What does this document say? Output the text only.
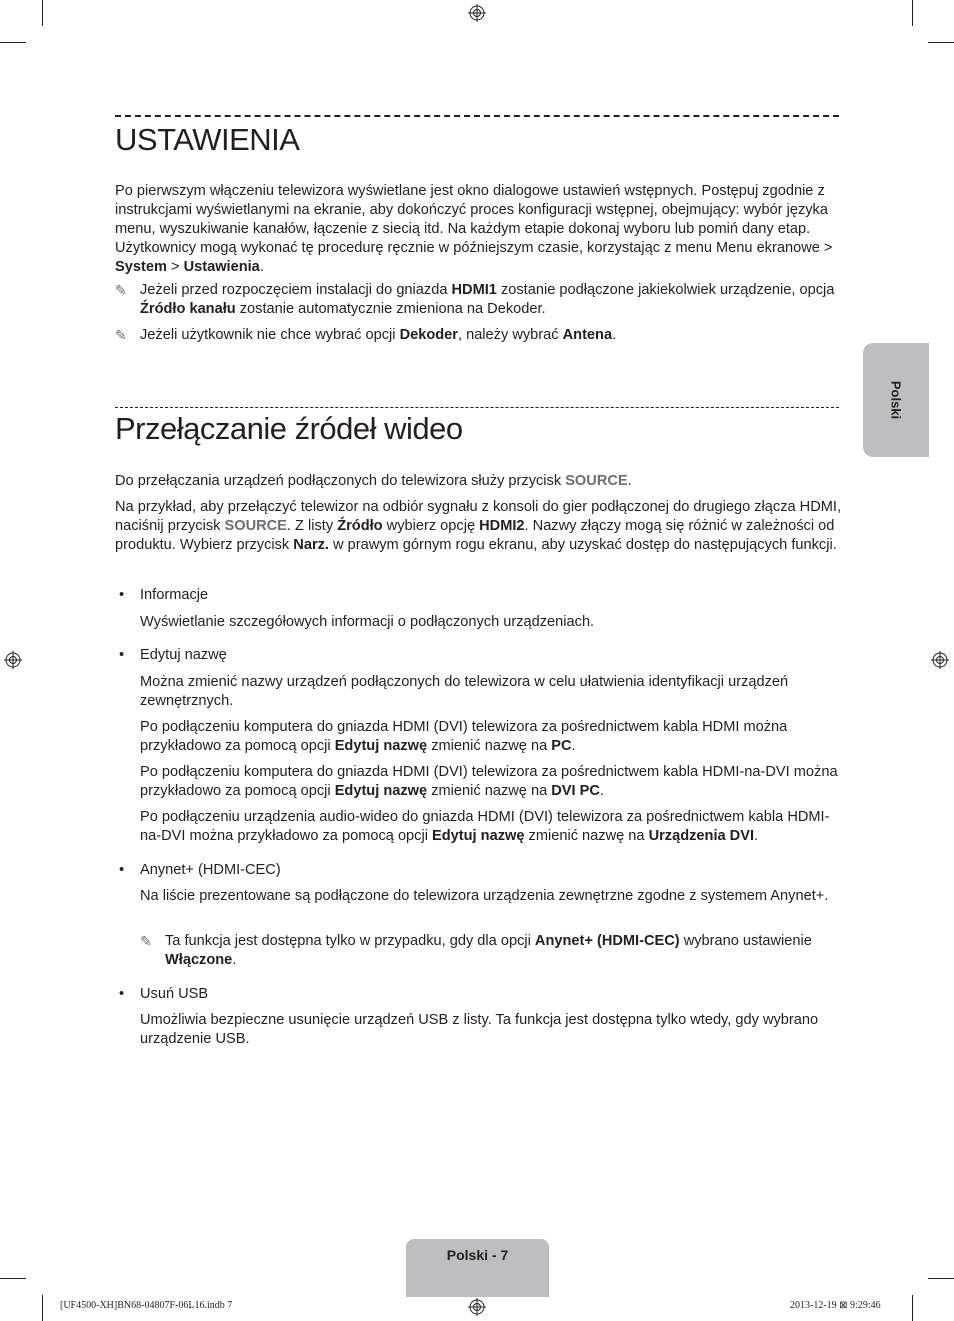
USTAWIENIA

Po pierwszym włączeniu telewizora wyświetlane jest okno dialogowe ustawień wstępnych. Postępuj zgodnie z instrukcjami wyświetlanymi na ekranie, aby dokończyć proces konfiguracji wstępnej, obejmujący: wybór języka menu, wyszukiwanie kanałów, łączenie z siecią itd. Na każdym etapie dokonaj wyboru lub pomiń dany etap. Użytkownicy mogą wykonać tę procedurę ręcznie w późniejszym czasie, korzystając z menu Menu ekranowe > System > Ustawienia.

✎ Jeżeli przed rozpoczęciem instalacji do gniazda HDMI1 zostanie podłączone jakiekolwiek urządzenie, opcja Źródło kanału zostanie automatycznie zmieniona na Dekoder.

✎ Jeżeli użytkownik nie chce wybrać opcji Dekoder, należy wybrać Antena.

Przełączanie źródeł wideo

Do przełączania urządzeń podłączonych do telewizora służy przycisk SOURCE.

Na przykład, aby przełączyć telewizor na odbiór sygnału z konsoli do gier podłączonej do drugiego złącza HDMI, naciśnij przycisk SOURCE. Z listy Źródło wybierz opcję HDMI2. Nazwy złączy mogą się różnić w zależności od produktu. Wybierz przycisk Narz. w prawym górnym rogu ekranu, aby uzyskać dostęp do następujących funkcji.

• Informacje

Wyświetlanie szczegółowych informacji o podłączonych urządzeniach.

• Edytuj nazwę

Można zmienić nazwy urządzeń podłączonych do telewizora w celu ułatwienia identyfikacji urządzeń zewnętrznych.

Po podłączeniu komputera do gniazda HDMI (DVI) telewizora za pośrednictwem kabla HDMI można przykładowo za pomocą opcji Edytuj nazwę zmienić nazwę na PC.

Po podłączeniu komputera do gniazda HDMI (DVI) telewizora za pośrednictwem kabla HDMI-na-DVI można przykładowo za pomocą opcji Edytuj nazwę zmienić nazwę na DVI PC.

Po podłączeniu urządzenia audio-wideo do gniazda HDMI (DVI) telewizora za pośrednictwem kabla HDMI-na-DVI można przykładowo za pomocą opcji Edytuj nazwę zmienić nazwę na Urządzenia DVI.

• Anynet+ (HDMI-CEC)

Na liście prezentowane są podłączone do telewizora urządzenia zewnętrzne zgodne z systemem Anynet+.

✎ Ta funkcja jest dostępna tylko w przypadku, gdy dla opcji Anynet+ (HDMI-CEC) wybrano ustawienie Włączone.

• Usuń USB

Umożliwia bezpieczne usunięcie urządzeń USB z listy. Ta funkcja jest dostępna tylko wtedy, gdy wybrano urządzenie USB.

Polski
Polski - 7
[UF4500-XH]BN68-04807F-06L16.indb 7	2013-12-19 ⊠ 9:29:46
